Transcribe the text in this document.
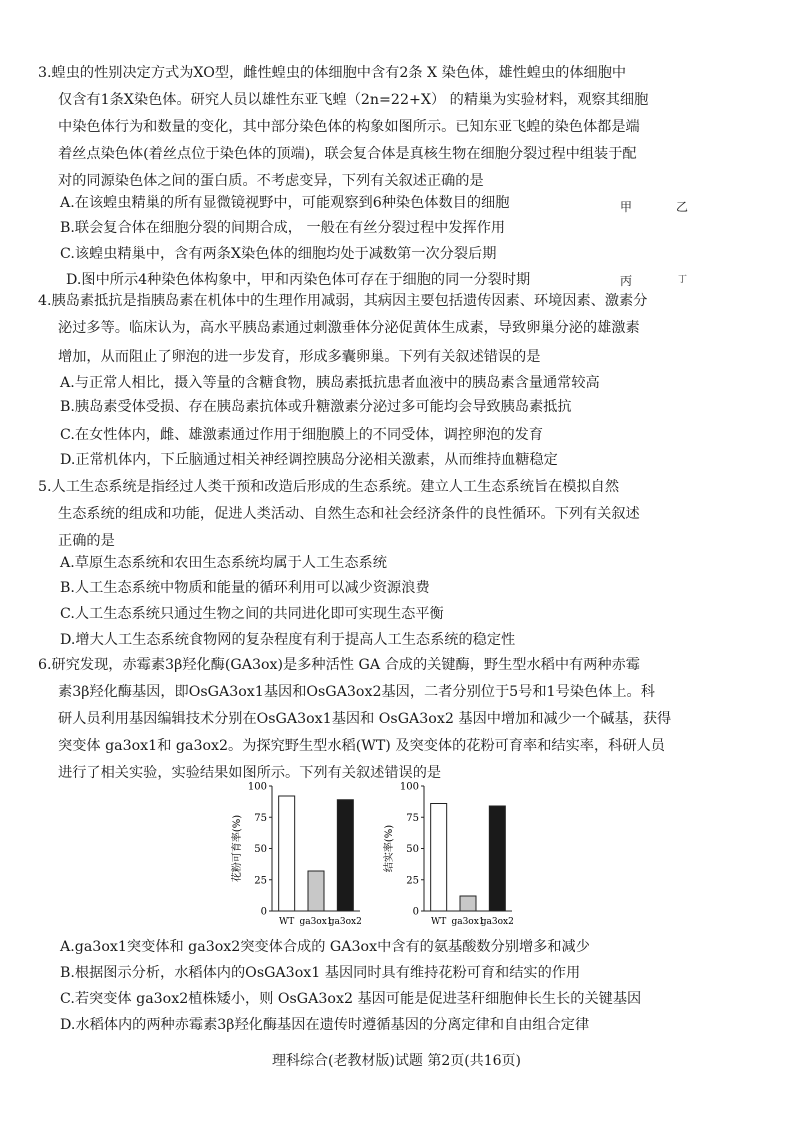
3.蝗虫的性别决定方式为XO型，雌性蝗虫的体细胞中含有2条 X 染色体，雄性蝗虫的体细胞中
仅含有1条X染色体。研究人员以雄性东亚飞蝗（2n=22+X） 的精巢为实验材料，观察其细胞
中染色体行为和数量的变化，其中部分染色体的构象如图所示。已知东亚飞蝗的染色体都是端
着丝点染色体(着丝点位于染色体的顶端)，联会复合体是真核生物在细胞分裂过程中组装于配
对的同源染色体之间的蛋白质。不考虑变异，下列有关叙述正确的是
A.在该蝗虫精巢的所有显微镜视野中，可能观察到6种染色体数目的细胞
B.联会复合体在细胞分裂的间期合成， 一般在有丝分裂过程中发挥作用
C.该蝗虫精巢中，含有两条X染色体的细胞均处于减数第一次分裂后期
D.图中所示4种染色体构象中，甲和丙染色体可存在于细胞的同一分裂时期
甲	乙
丙	丁
4.胰岛素抵抗是指胰岛素在机体中的生理作用减弱，其病因主要包括遗传因素、环境因素、激素分
泌过多等。临床认为，高水平胰岛素通过刺激垂体分泌促黄体生成素，导致卵巢分泌的雄激素
增加，从而阻止了卵泡的进一步发育，形成多囊卵巢。下列有关叙述错误的是
A.与正常人相比，摄入等量的含糖食物，胰岛素抵抗患者血液中的胰岛素含量通常较高
B.胰岛素受体受损、存在胰岛素抗体或升糖激素分泌过多可能均会导致胰岛素抵抗
C.在女性体内，雌、雄激素通过作用于细胞膜上的不同受体，调控卵泡的发育
D.正常机体内，下丘脑通过相关神经调控胰岛分泌相关激素，从而维持血糖稳定
5.人工生态系统是指经过人类干预和改造后形成的生态系统。建立人工生态系统旨在模拟自然
生态系统的组成和功能，促进人类活动、自然生态和社会经济条件的良性循环。下列有关叙述
正确的是
A.草原生态系统和农田生态系统均属于人工生态系统
B.人工生态系统中物质和能量的循环利用可以减少资源浪费
C.人工生态系统只通过生物之间的共同进化即可实现生态平衡
D.增大人工生态系统食物网的复杂程度有利于提高人工生态系统的稳定性
6.研究发现，赤霉素3β羟化酶(GA3ox)是多种活性 GA 合成的关键酶，野生型水稻中有两种赤霉
素3β羟化酶基因，即OsGA3ox1基因和OsGA3ox2基因，二者分别位于5号和1号染色体上。科
研人员利用基因编辑技术分别在OsGA3ox1基因和 OsGA3ox2 基因中增加和减少一个碱基，获得
突变体 ga3ox1和 ga3ox2。为探究野生型水稻(WT) 及突变体的花粉可育率和结实率，科研人员
进行了相关实验，实验结果如图所示。下列有关叙述错误的是
花粉可育率(%)
0
25
50
75
100
WT ga3ox1
ga3ox2
结实率(%)
0
25
50
75
100
WT ga3ox1
ga3ox2
A.ga3ox1突变体和 ga3ox2突变体合成的 GA3ox中含有的氨基酸数分别增多和减少
B.根据图示分析，水稻体内的OsGA3ox1 基因同时具有维持花粉可育和结实的作用
C.若突变体 ga3ox2植株矮小，则 OsGA3ox2 基因可能是促进茎秆细胞伸长生长的关键基因
D.水稻体内的两种赤霉素3β羟化酶基因在遗传时遵循基因的分离定律和自由组合定律
理科综合(老教材版)试题 第2页(共16页)
